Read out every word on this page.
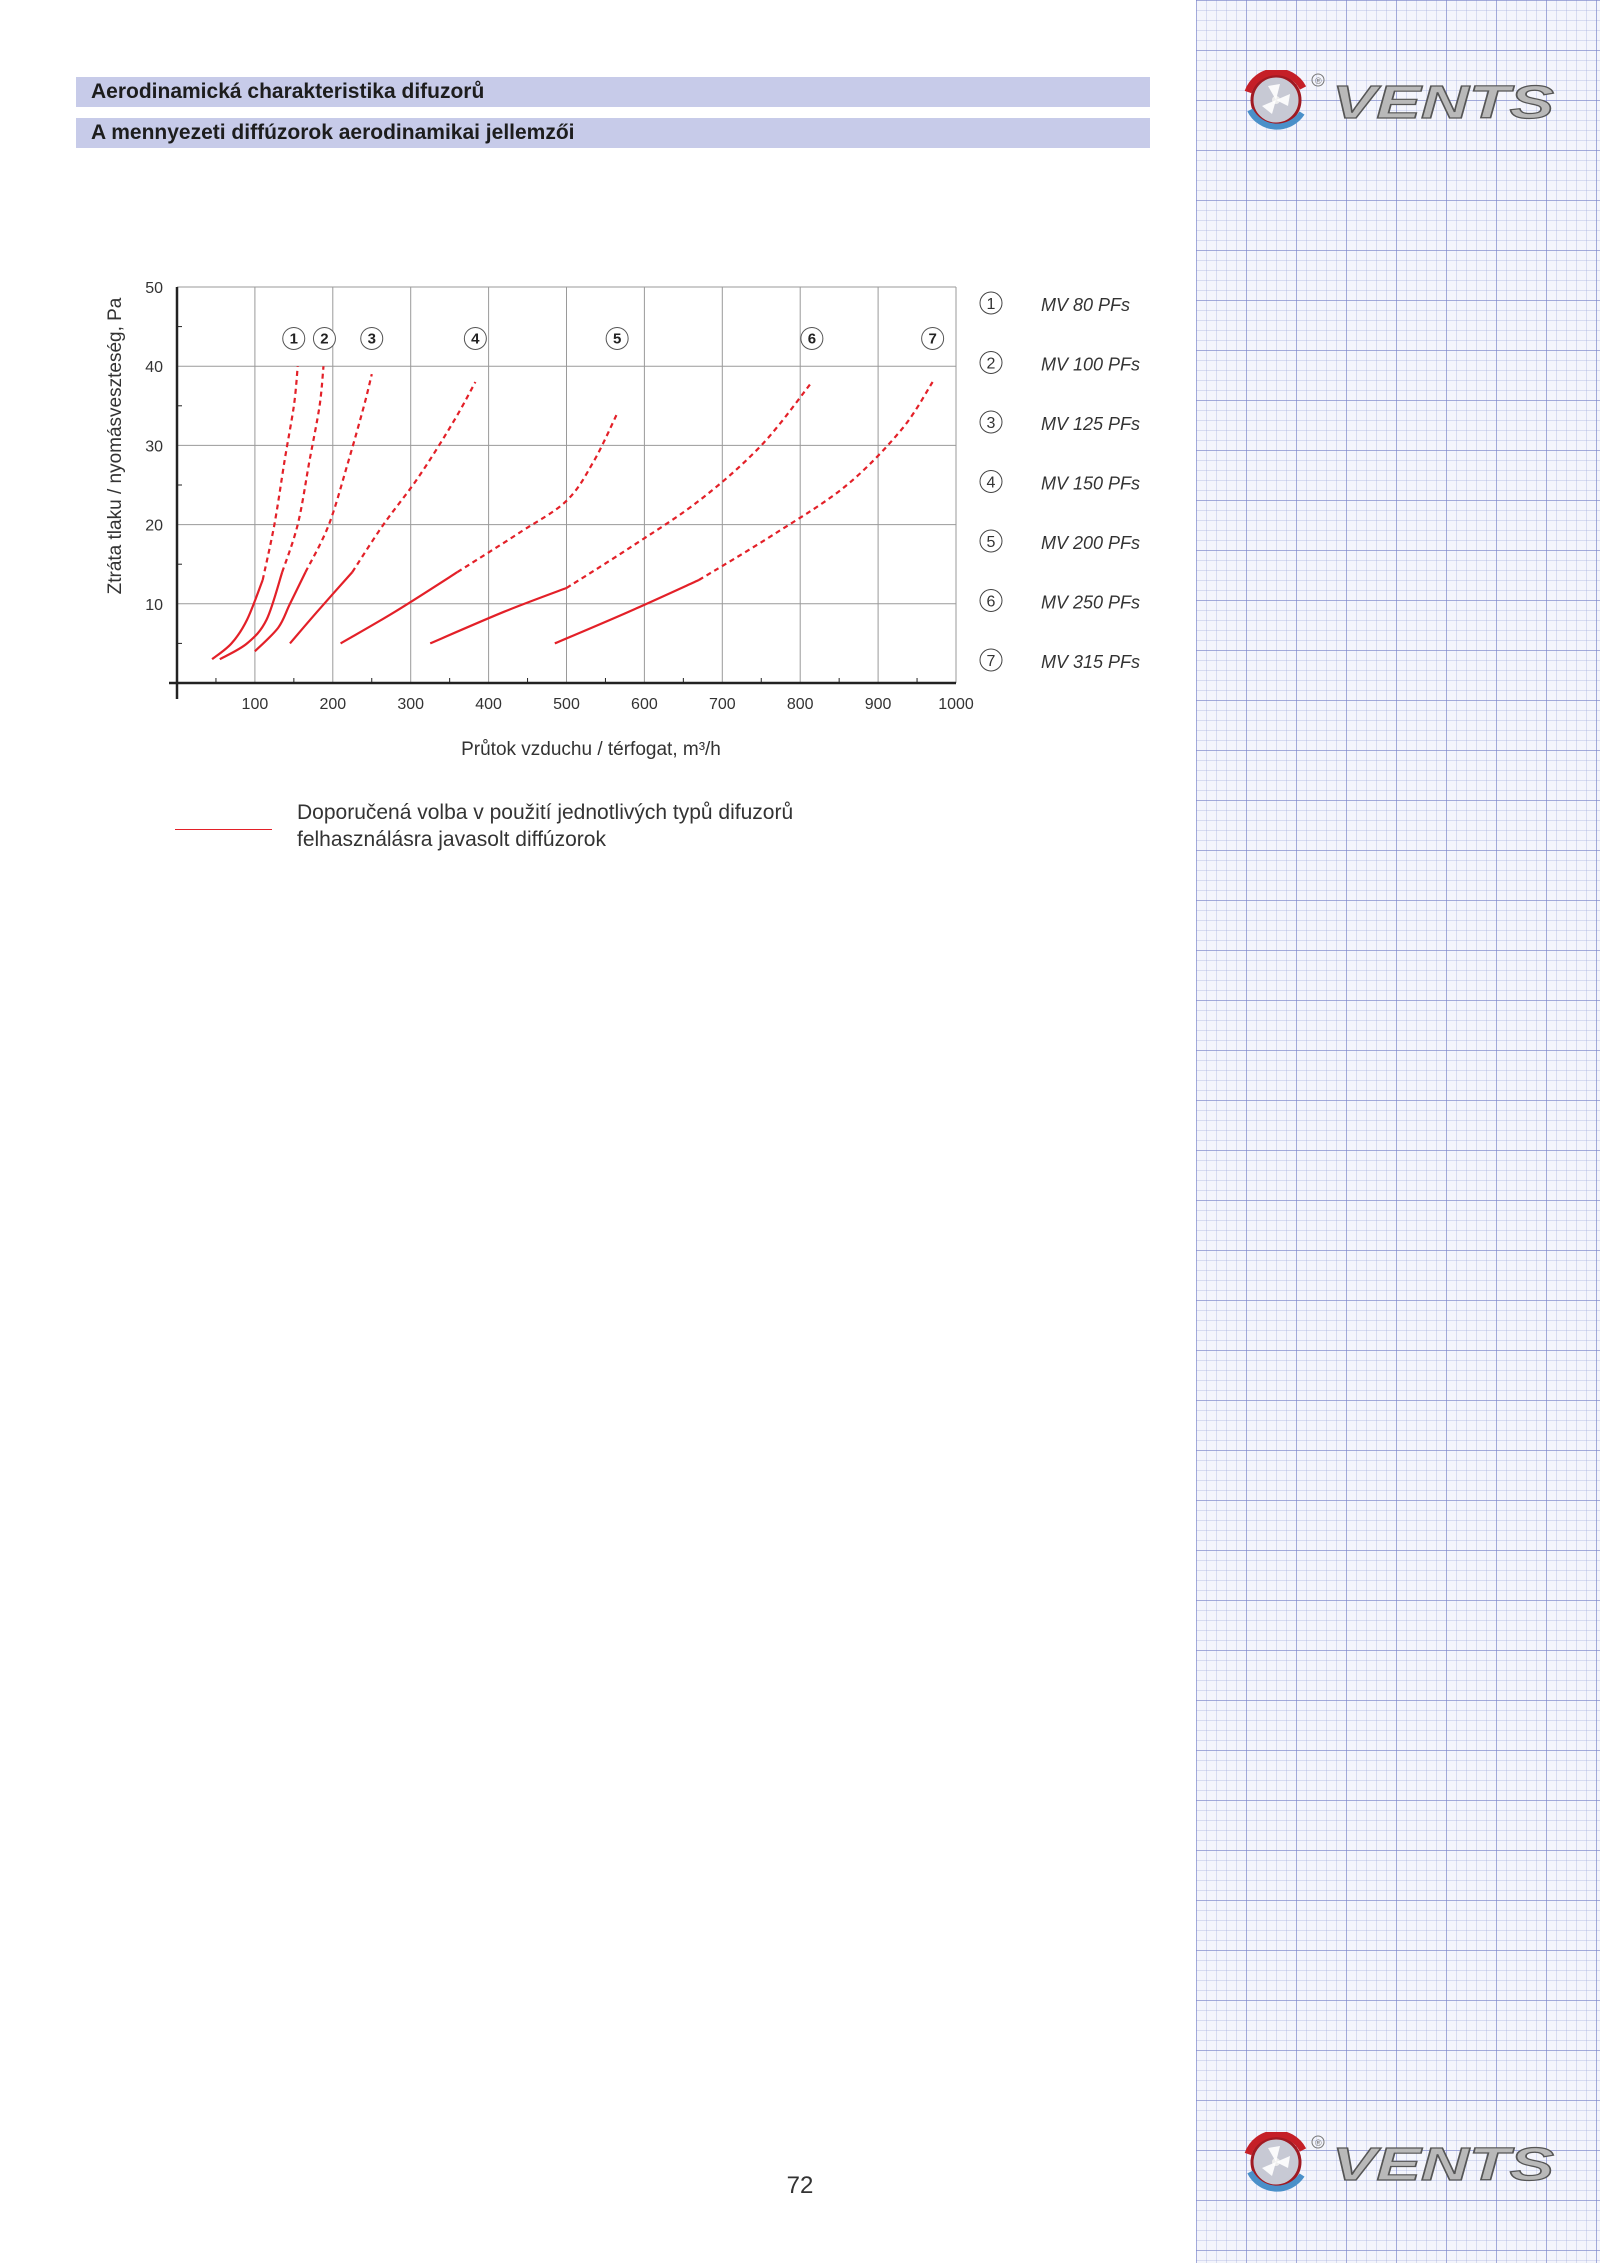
® VENTS
® VENTS
Aerodinamická charakteristika difuzorů
A mennyezeti diffúzorok aerodinamikai jellemzői
100	200	300	400	500	600	700	800	900	1000
10
20
30
40
50
1 2	3	4	5	6	7
1	MV 80 PFs
2	MV 100 PFs
3	MV 125 PFs
4	MV 150 PFs
5	MV 200 PFs
6	MV 250 PFs
7	MV 315 PFs
Ztráta tlaku / nyomásveszteség, Pa
Průtok vzduchu / térfogat, m³/h
Doporučená volba v použití jednotlivých typů difuzorů
felhasználásra javasolt diffúzorok
72
